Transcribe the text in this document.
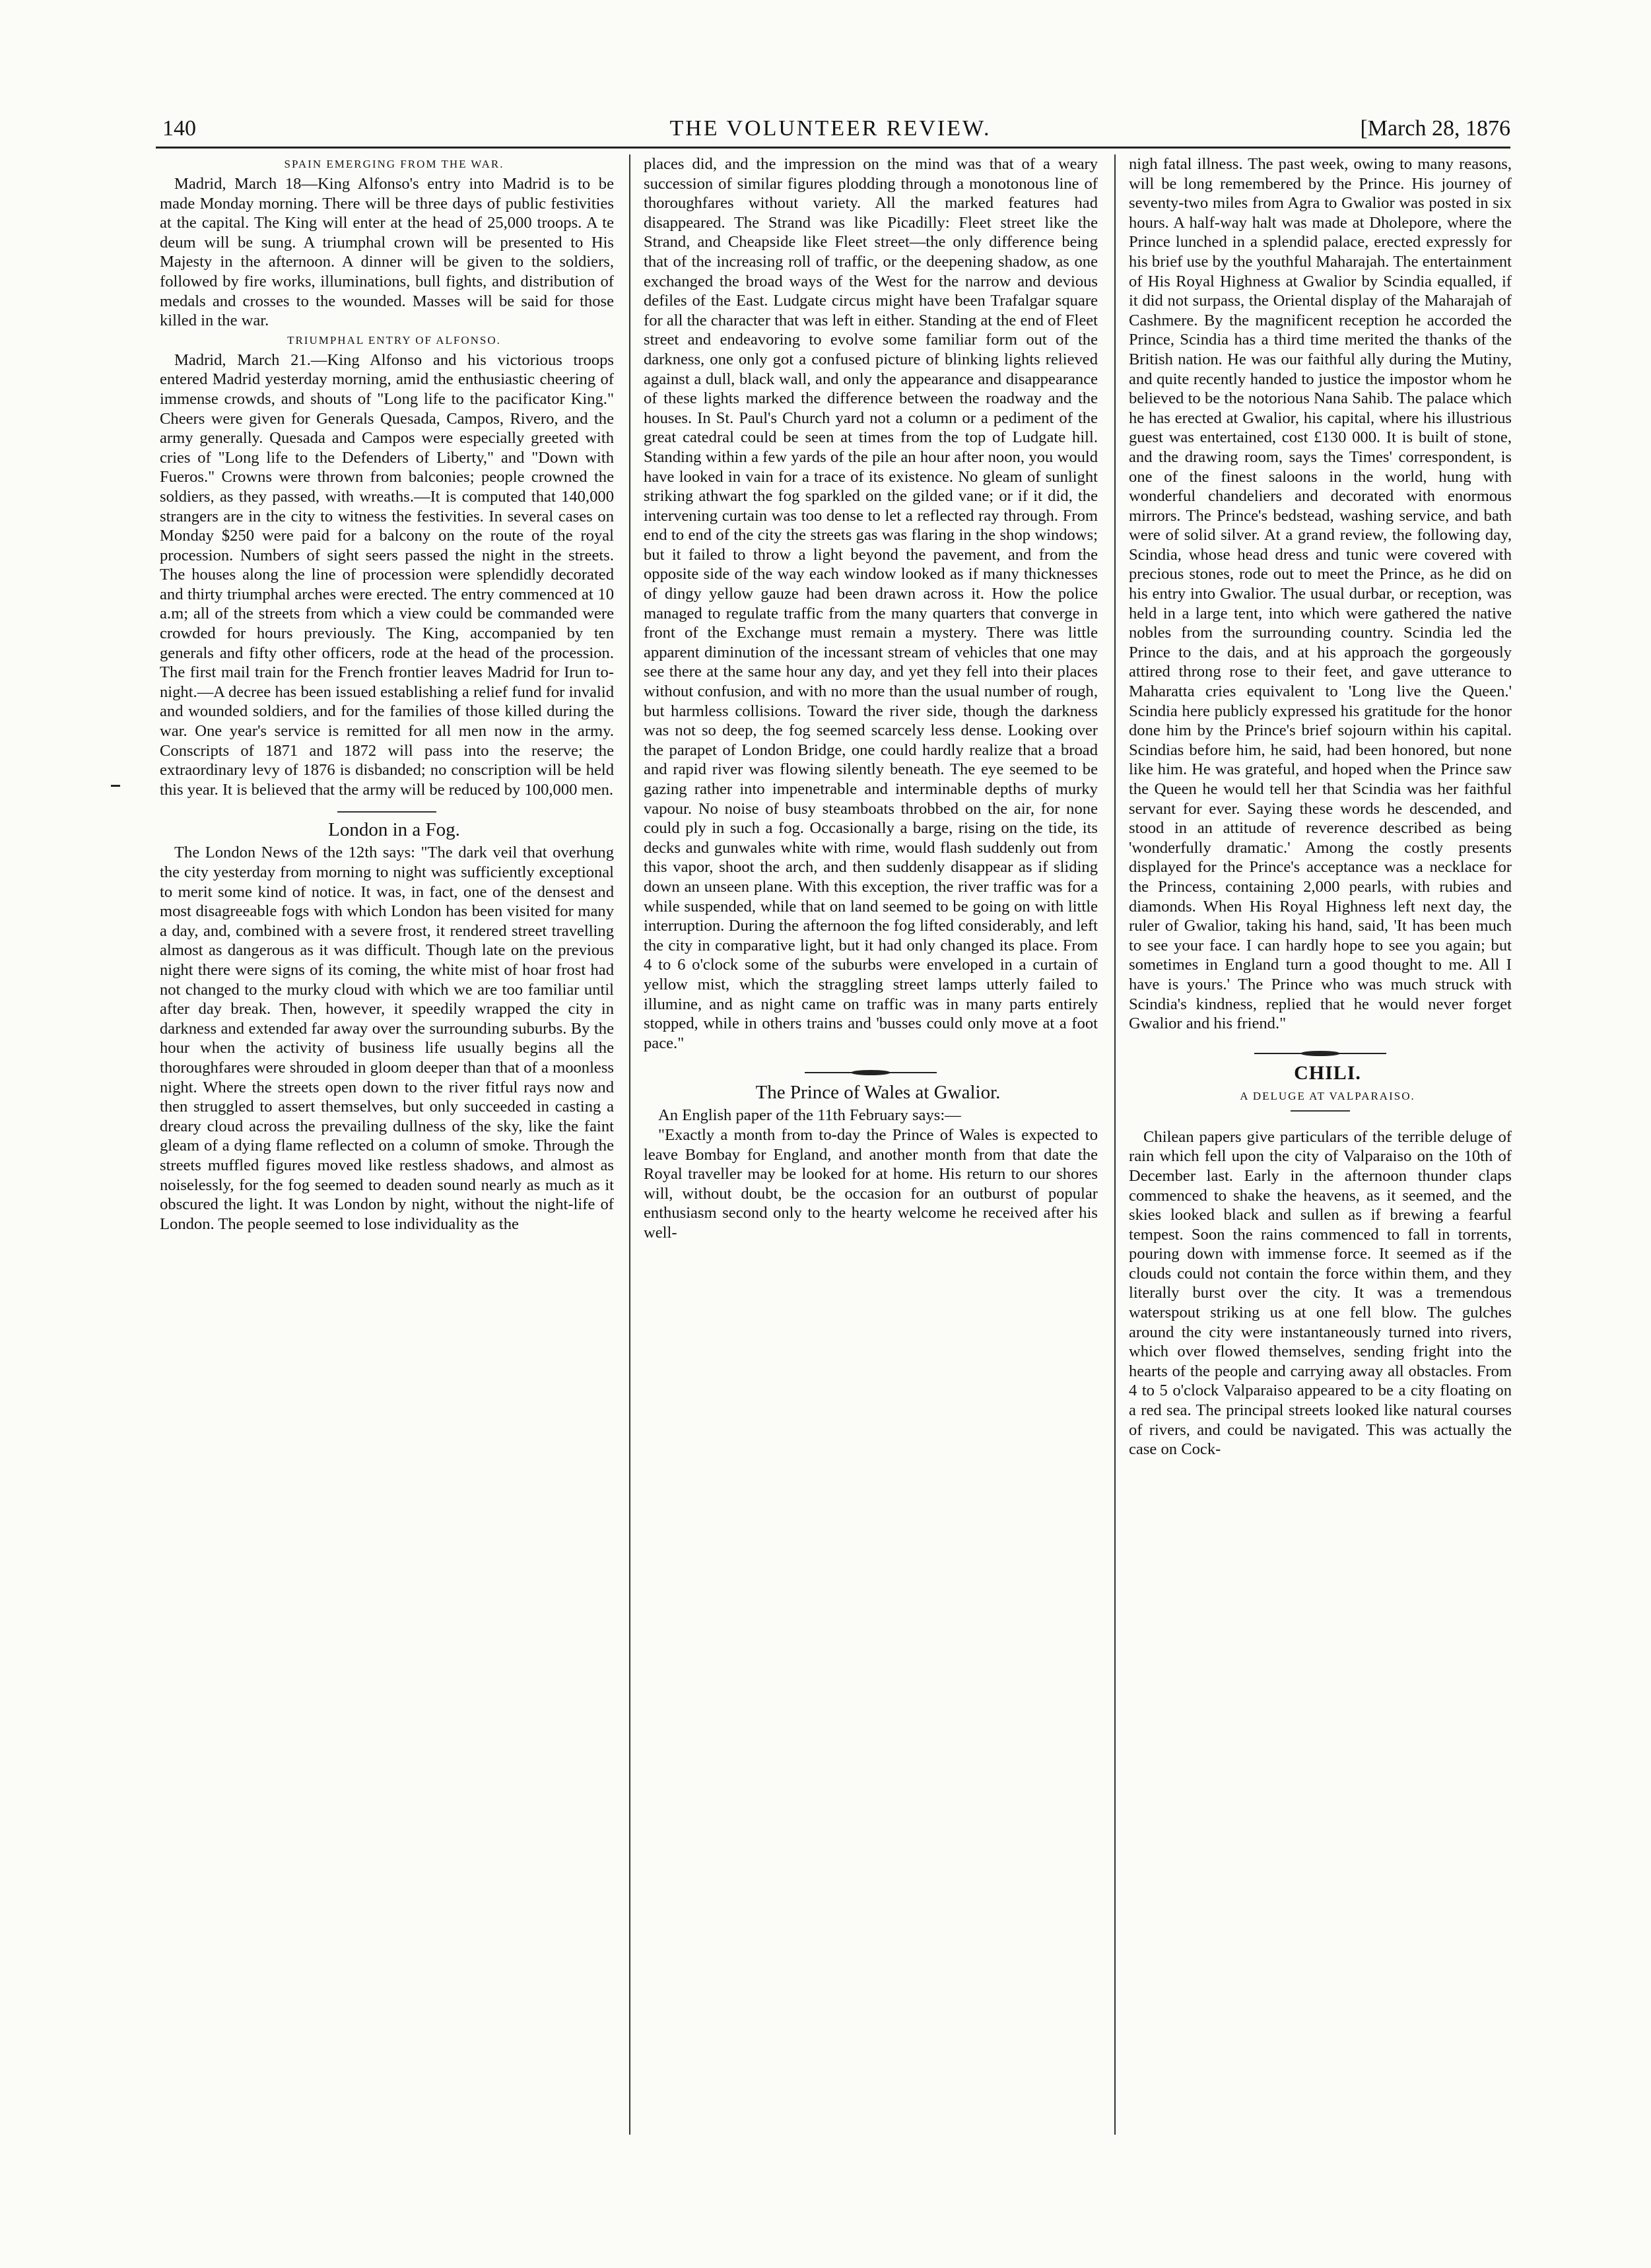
140	THE VOLUNTEER REVIEW.	[March 28, 1876

SPAIN EMERGING FROM THE WAR.

Madrid, March 18—King Alfonso's entry into Madrid is to be made Monday morning. There will be three days of public festivities at the capital. The King will enter at the head of 25,000 troops. A te deum will be sung. A triumphal crown will be presented to His Majesty in the afternoon. A dinner will be given to the soldiers, followed by fire works, illuminations, bull fights, and distribution of medals and crosses to the wounded. Masses will be said for those killed in the war.

TRIUMPHAL ENTRY OF ALFONSO.

Madrid, March 21.—King Alfonso and his victorious troops entered Madrid yesterday morning, amid the enthusiastic cheering of immense crowds, and shouts of "Long life to the pacificator King." Cheers were given for Generals Quesada, Campos, Rivero, and the army generally. Quesada and Campos were especially greeted with cries of "Long life to the Defenders of Liberty," and "Down with Fueros." Crowns were thrown from balconies; people crowned the soldiers, as they passed, with wreaths.—It is computed that 140,000 strangers are in the city to witness the festivities. In several cases on Monday $250 were paid for a balcony on the route of the royal procession. Numbers of sight seers passed the night in the streets. The houses along the line of procession were splendidly decorated and thirty triumphal arches were erected. The entry commenced at 10 a.m; all of the streets from which a view could be commanded were crowded for hours previously. The King, accompanied by ten generals and fifty other officers, rode at the head of the procession. The first mail train for the French frontier leaves Madrid for Irun to-night.—A decree has been issued establishing a relief fund for invalid and wounded soldiers, and for the families of those killed during the war. One year's service is remitted for all men now in the army. Conscripts of 1871 and 1872 will pass into the reserve; the extraordinary levy of 1876 is disbanded; no conscription will be held this year. It is believed that the army will be reduced by 100,000 men.

London in a Fog.

The London News of the 12th says: "The dark veil that overhung the city yesterday from morning to night was sufficiently exceptional to merit some kind of notice. It was, in fact, one of the densest and most disagreeable fogs with which London has been visited for many a day, and, combined with a severe frost, it rendered street travelling almost as dangerous as it was difficult. Though late on the previous night there were signs of its coming, the white mist of hoar frost had not changed to the murky cloud with which we are too familiar until after day break. Then, however, it speedily wrapped the city in darkness and extended far away over the surrounding suburbs. By the hour when the activity of business life usually begins all the thoroughfares were shrouded in gloom deeper than that of a moonless night. Where the streets open down to the river fitful rays now and then struggled to assert themselves, but only succeeded in casting a dreary cloud across the prevailing dullness of the sky, like the faint gleam of a dying flame reflected on a column of smoke. Through the streets muffled figures moved like restless shadows, and almost as noiselessly, for the fog seemed to deaden sound nearly as much as it obscured the light. It was London by night, without the night-life of London. The people seemed to lose individuality as the

places did, and the impression on the mind was that of a weary succession of similar figures plodding through a monotonous line of thoroughfares without variety. All the marked features had disappeared. The Strand was like Picadilly: Fleet street like the Strand, and Cheapside like Fleet street—the only difference being that of the increasing roll of traffic, or the deepening shadow, as one exchanged the broad ways of the West for the narrow and devious defiles of the East. Ludgate circus might have been Trafalgar square for all the character that was left in either. Standing at the end of Fleet street and endeavoring to evolve some familiar form out of the darkness, one only got a confused picture of blinking lights relieved against a dull, black wall, and only the appearance and disappearance of these lights marked the difference between the roadway and the houses. In St. Paul's Church yard not a column or a pediment of the great catedral could be seen at times from the top of Ludgate hill. Standing within a few yards of the pile an hour after noon, you would have looked in vain for a trace of its existence. No gleam of sunlight striking athwart the fog sparkled on the gilded vane; or if it did, the intervening curtain was too dense to let a reflected ray through. From end to end of the city the streets gas was flaring in the shop windows; but it failed to throw a light beyond the pavement, and from the opposite side of the way each window looked as if many thicknesses of dingy yellow gauze had been drawn across it. How the police managed to regulate traffic from the many quarters that converge in front of the Exchange must remain a mystery. There was little apparent diminution of the incessant stream of vehicles that one may see there at the same hour any day, and yet they fell into their places without confusion, and with no more than the usual number of rough, but harmless collisions. Toward the river side, though the darkness was not so deep, the fog seemed scarcely less dense. Looking over the parapet of London Bridge, one could hardly realize that a broad and rapid river was flowing silently beneath. The eye seemed to be gazing rather into impenetrable and interminable depths of murky vapour. No noise of busy steamboats throbbed on the air, for none could ply in such a fog. Occasionally a barge, rising on the tide, its decks and gunwales white with rime, would flash suddenly out from this vapor, shoot the arch, and then suddenly disappear as if sliding down an unseen plane. With this exception, the river traffic was for a while suspended, while that on land seemed to be going on with little interruption. During the afternoon the fog lifted considerably, and left the city in comparative light, but it had only changed its place. From 4 to 6 o'clock some of the suburbs were enveloped in a curtain of yellow mist, which the straggling street lamps utterly failed to illumine, and as night came on traffic was in many parts entirely stopped, while in others trains and 'busses could only move at a foot pace."

The Prince of Wales at Gwalior.

An English paper of the 11th February says:—

"Exactly a month from to-day the Prince of Wales is expected to leave Bombay for England, and another month from that date the Royal traveller may be looked for at home. His return to our shores will, without doubt, be the occasion for an outburst of popular enthusiasm second only to the hearty welcome he received after his well-

nigh fatal illness. The past week, owing to many reasons, will be long remembered by the Prince. His journey of seventy-two miles from Agra to Gwalior was posted in six hours. A half-way halt was made at Dholepore, where the Prince lunched in a splendid palace, erected expressly for his brief use by the youthful Maharajah. The entertainment of His Royal Highness at Gwalior by Scindia equalled, if it did not surpass, the Oriental display of the Maharajah of Cashmere. By the magnificent reception he accorded the Prince, Scindia has a third time merited the thanks of the British nation. He was our faithful ally during the Mutiny, and quite recently handed to justice the impostor whom he believed to be the notorious Nana Sahib. The palace which he has erected at Gwalior, his capital, where his illustrious guest was entertained, cost £130 000. It is built of stone, and the drawing room, says the Times' correspondent, is one of the finest saloons in the world, hung with wonderful chandeliers and decorated with enormous mirrors. The Prince's bedstead, washing service, and bath were of solid silver. At a grand review, the following day, Scindia, whose head dress and tunic were covered with precious stones, rode out to meet the Prince, as he did on his entry into Gwalior. The usual durbar, or reception, was held in a large tent, into which were gathered the native nobles from the surrounding country. Scindia led the Prince to the dais, and at his approach the gorgeously attired throng rose to their feet, and gave utterance to Maharatta cries equivalent to 'Long live the Queen.' Scindia here publicly expressed his gratitude for the honor done him by the Prince's brief sojourn within his capital. Scindias before him, he said, had been honored, but none like him. He was grateful, and hoped when the Prince saw the Queen he would tell her that Scindia was her faithful servant for ever. Saying these words he descended, and stood in an attitude of reverence described as being 'wonderfully dramatic.' Among the costly presents displayed for the Prince's acceptance was a necklace for the Princess, containing 2,000 pearls, with rubies and diamonds. When His Royal Highness left next day, the ruler of Gwalior, taking his hand, said, 'It has been much to see your face. I can hardly hope to see you again; but sometimes in England turn a good thought to me. All I have is yours.' The Prince who was much struck with Scindia's kindness, replied that he would never forget Gwalior and his friend."

CHILI.

A DELUGE AT VALPARAISO.

Chilean papers give particulars of the terrible deluge of rain which fell upon the city of Valparaiso on the 10th of December last. Early in the afternoon thunder claps commenced to shake the heavens, as it seemed, and the skies looked black and sullen as if brewing a fearful tempest. Soon the rains commenced to fall in torrents, pouring down with immense force. It seemed as if the clouds could not contain the force within them, and they literally burst over the city. It was a tremendous waterspout striking us at one fell blow. The gulches around the city were instantaneously turned into rivers, which over flowed themselves, sending fright into the hearts of the people and carrying away all obstacles. From 4 to 5 o'clock Valparaiso appeared to be a city floating on a red sea. The principal streets looked like natural courses of rivers, and could be navigated. This was actually the case on Cock-
